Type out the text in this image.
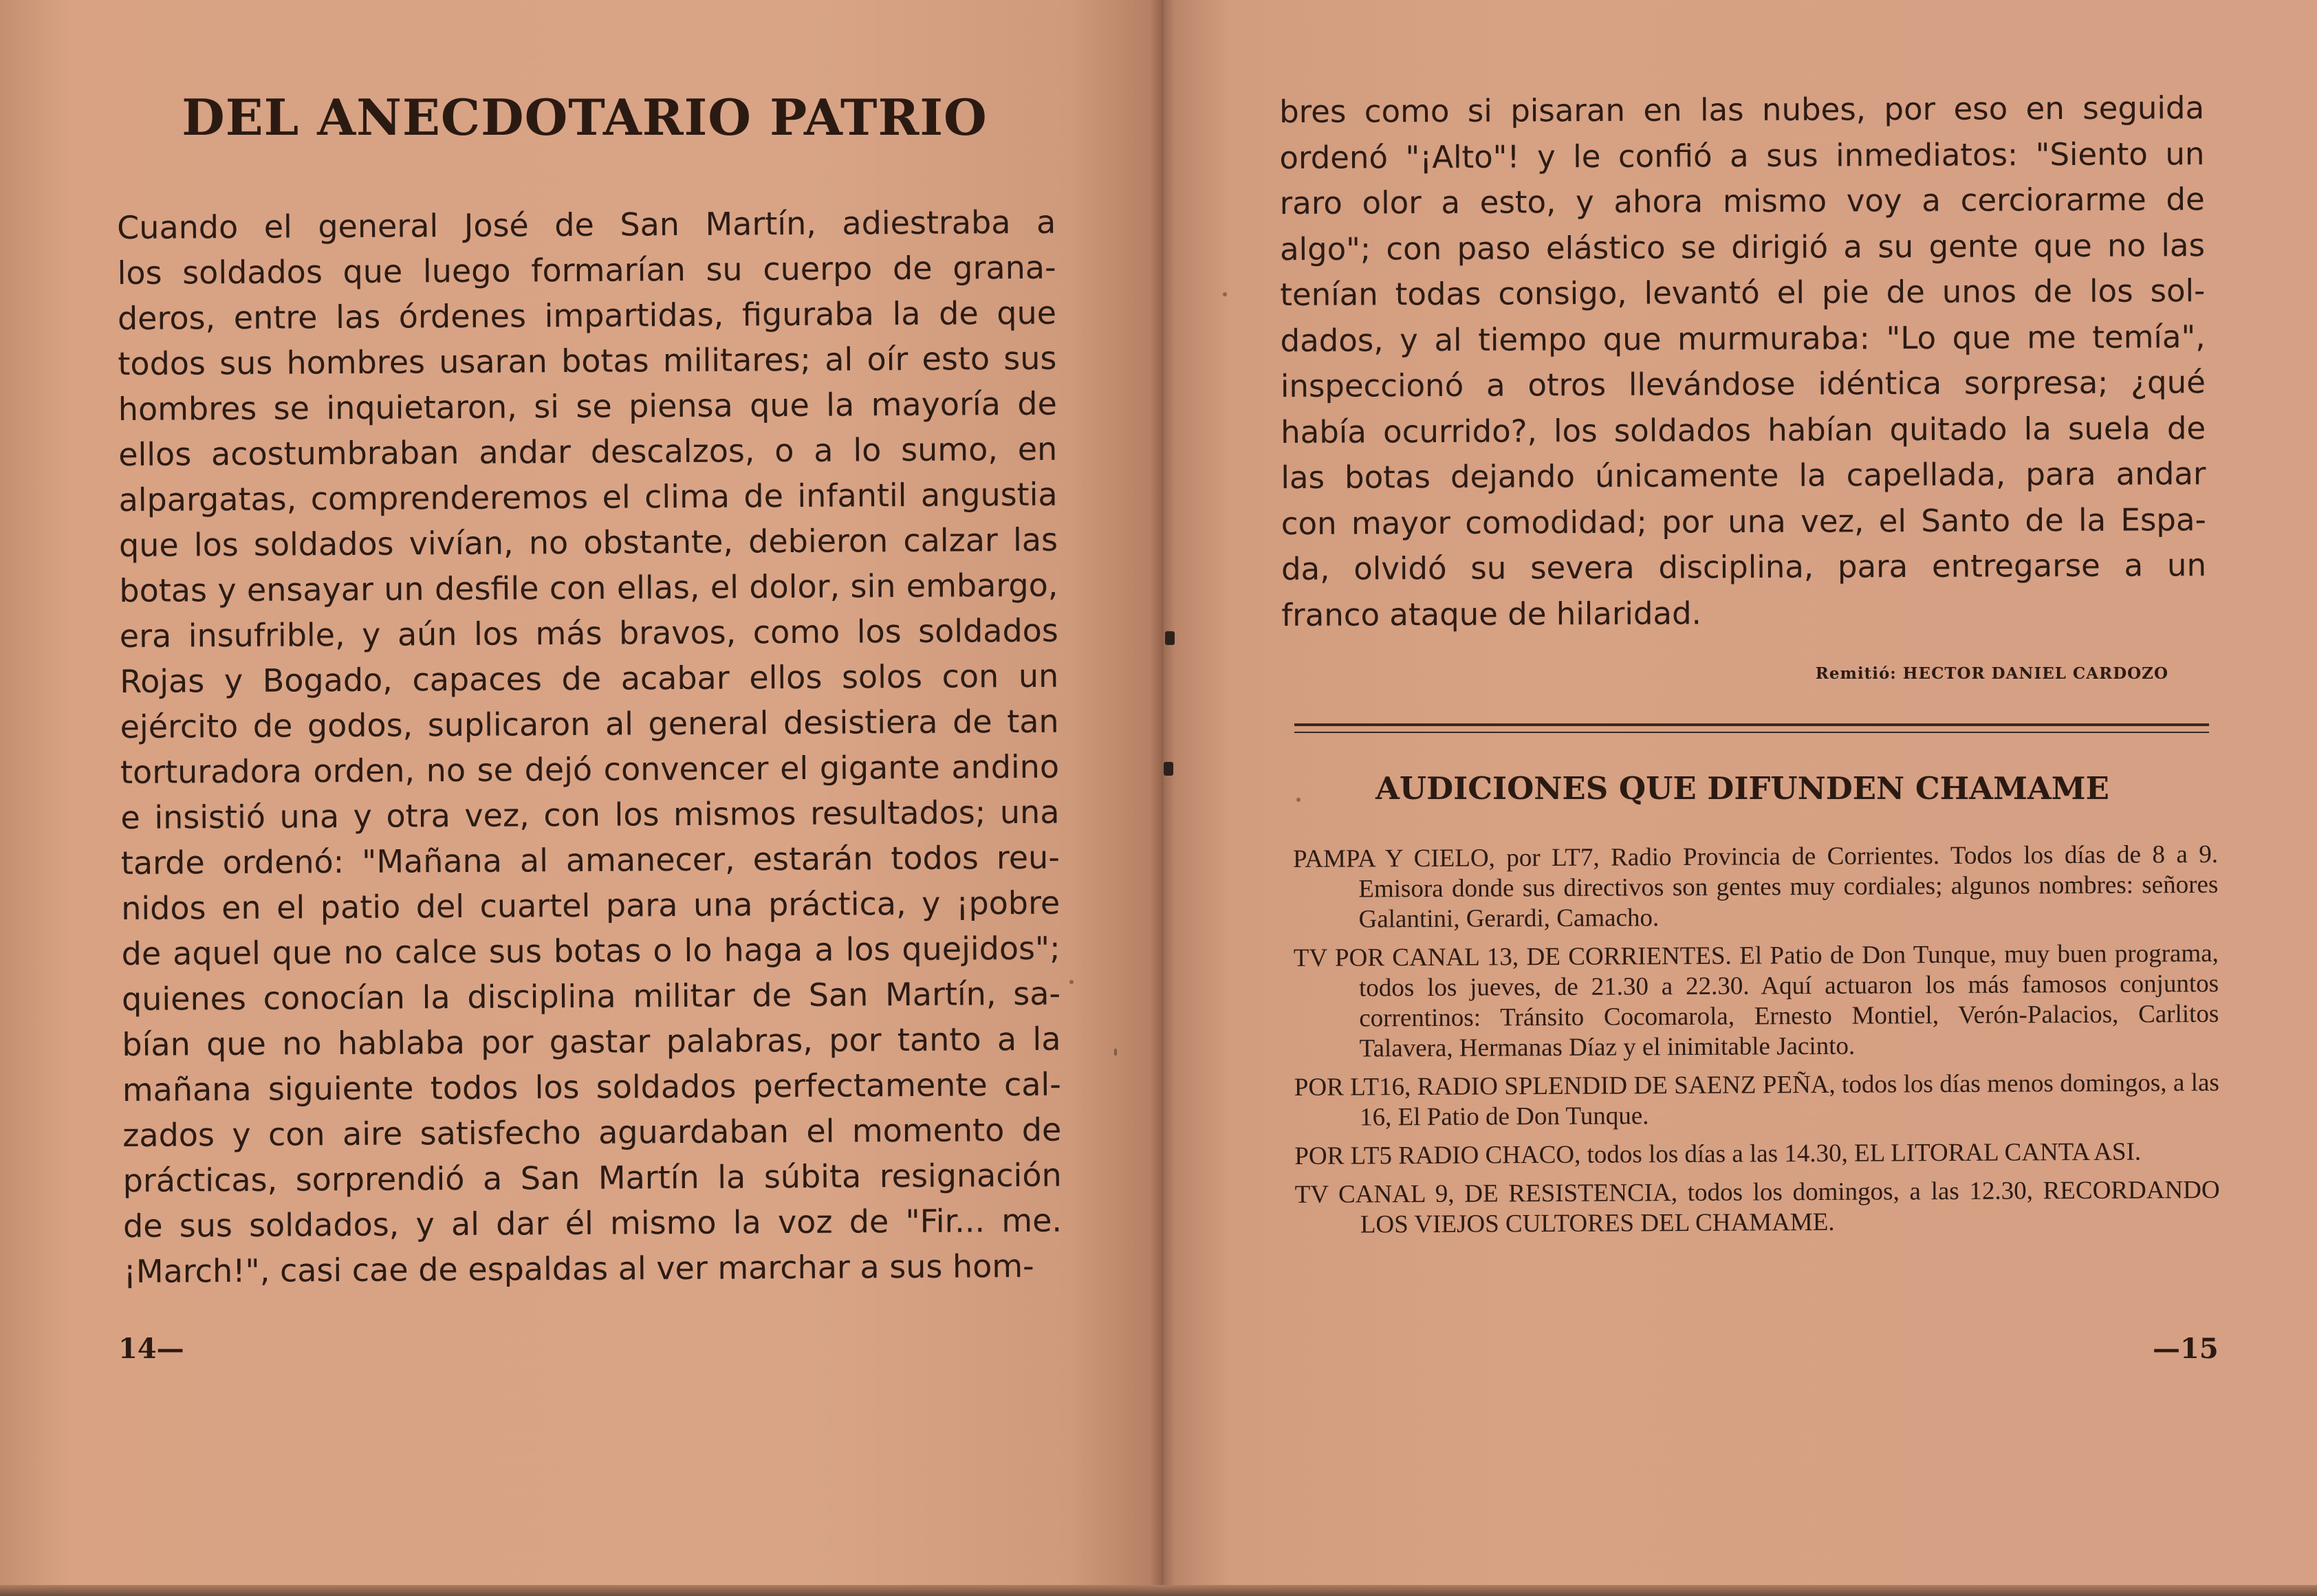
DEL ANECDOTARIO PATRIO
Cuando el general José de San Martín, adiestraba a
los soldados que luego formarían su cuerpo de grana-
deros, entre las órdenes impartidas, figuraba la de que
todos sus hombres usaran botas militares; al oír esto sus
hombres se inquietaron, si se piensa que la mayoría de
ellos acostumbraban andar descalzos, o a lo sumo, en
alpargatas, comprenderemos el clima de infantil angustia
que los soldados vivían, no obstante, debieron calzar las
botas y ensayar un desfile con ellas, el dolor, sin embargo,
era insufrible, y aún los más bravos, como los soldados
Rojas y Bogado, capaces de acabar ellos solos con un
ejército de godos, suplicaron al general desistiera de tan
torturadora orden, no se dejó convencer el gigante andino
e insistió una y otra vez, con los mismos resultados; una
tarde ordenó: "Mañana al amanecer, estarán todos reu-
nidos en el patio del cuartel para una práctica, y ¡pobre
de aquel que no calce sus botas o lo haga a los quejidos";
quienes conocían la disciplina militar de San Martín, sa-
bían que no hablaba por gastar palabras, por tanto a la
mañana siguiente todos los soldados perfectamente cal-
zados y con aire satisfecho aguardaban el momento de
prácticas, sorprendió a San Martín la súbita resignación
de sus soldados, y al dar él mismo la voz de "Fir... me.
¡March!", casi cae de espaldas al ver marchar a sus hom-

14—

bres como si pisaran en las nubes, por eso en seguida
ordenó "¡Alto"! y le confió a sus inmediatos: "Siento un
raro olor a esto, y ahora mismo voy a cerciorarme de
algo"; con paso elástico se dirigió a su gente que no las
tenían todas consigo, levantó el pie de unos de los sol-
dados, y al tiempo que murmuraba: "Lo que me temía",
inspeccionó a otros llevándose idéntica sorpresa; ¿qué
había ocurrido?, los soldados habían quitado la suela de
las botas dejando únicamente la capellada, para andar
con mayor comodidad; por una vez, el Santo de la Espa-
da, olvidó su severa disciplina, para entregarse a un
franco ataque de hilaridad.

Remitió: HECTOR DANIEL CARDOZO

AUDICIONES QUE DIFUNDEN CHAMAME
PAMPA Y CIELO, por LT7, Radio Provincia de Corrientes. Todos los días de 8 a 9. Emisora donde sus directivos son gentes muy cordiales; algunos nombres: señores Galantini, Gerardi, Camacho.
TV POR CANAL 13, DE CORRIENTES. El Patio de Don Tunque, muy buen programa, todos los jueves, de 21.30 a 22.30. Aquí actuaron los más famosos conjuntos correntinos: Tránsito Cocomarola, Ernesto Montiel, Verón-Palacios, Carlitos Talavera, Hermanas Díaz y el inimitable Jacinto.
POR LT16, RADIO SPLENDID DE SAENZ PEÑA, todos los días menos domingos, a las 16, El Patio de Don Tunque.
POR LT5 RADIO CHACO, todos los días a las 14.30, EL LITORAL CANTA ASI.
TV CANAL 9, DE RESISTENCIA, todos los domingos, a las 12.30, RECORDANDO LOS VIEJOS CULTORES DEL CHAMAME.

—15
